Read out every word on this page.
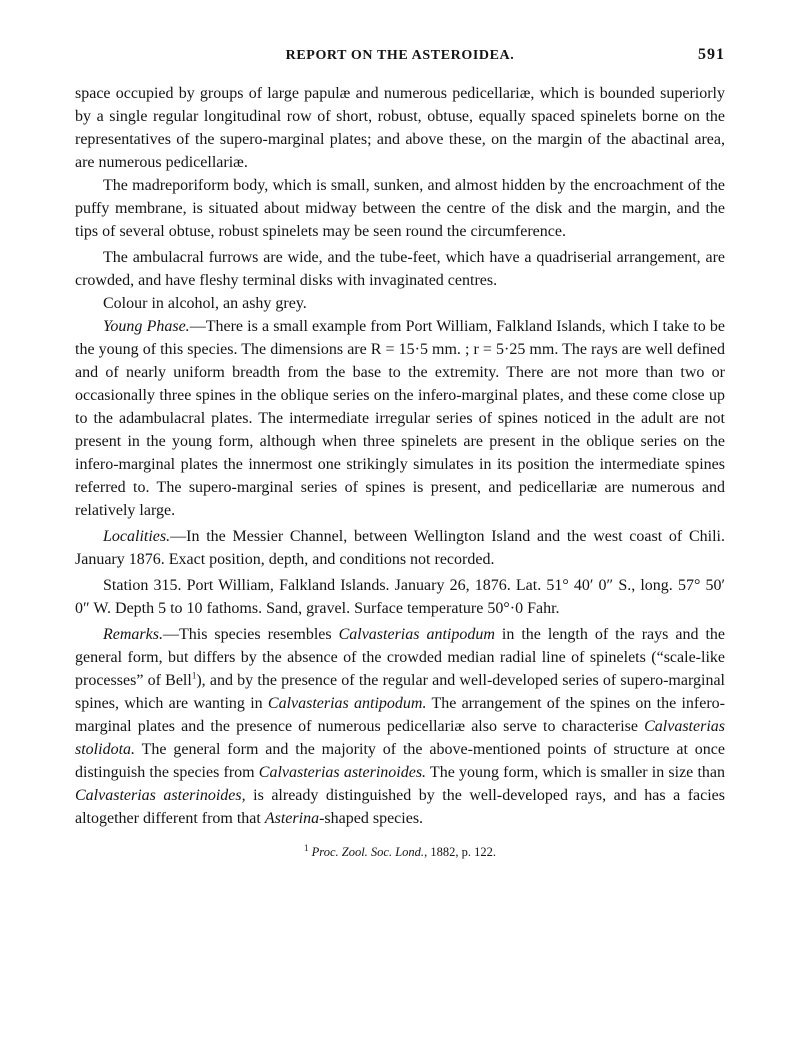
REPORT ON THE ASTEROIDEA.	591

space occupied by groups of large papulæ and numerous pedicellariæ, which is bounded superiorly by a single regular longitudinal row of short, robust, obtuse, equally spaced spinelets borne on the representatives of the supero-marginal plates; and above these, on the margin of the abactinal area, are numerous pedicellariæ.

The madreporiform body, which is small, sunken, and almost hidden by the encroachment of the puffy membrane, is situated about midway between the centre of the disk and the margin, and the tips of several obtuse, robust spinelets may be seen round the circumference.

The ambulacral furrows are wide, and the tube-feet, which have a quadriserial arrangement, are crowded, and have fleshy terminal disks with invaginated centres.

Colour in alcohol, an ashy grey.

Young Phase.—There is a small example from Port William, Falkland Islands, which I take to be the young of this species. The dimensions are R = 15·5 mm. ; r = 5·25 mm. The rays are well defined and of nearly uniform breadth from the base to the extremity. There are not more than two or occasionally three spines in the oblique series on the infero-marginal plates, and these come close up to the adambulacral plates. The intermediate irregular series of spines noticed in the adult are not present in the young form, although when three spinelets are present in the oblique series on the infero-marginal plates the innermost one strikingly simulates in its position the intermediate spines referred to. The supero-marginal series of spines is present, and pedicellariæ are numerous and relatively large.

Localities.—In the Messier Channel, between Wellington Island and the west coast of Chili. January 1876. Exact position, depth, and conditions not recorded.

Station 315. Port William, Falkland Islands. January 26, 1876. Lat. 51° 40′ 0″ S., long. 57° 50′ 0″ W. Depth 5 to 10 fathoms. Sand, gravel. Surface temperature 50°·0 Fahr.

Remarks.—This species resembles Calvasterias antipodum in the length of the rays and the general form, but differs by the absence of the crowded median radial line of spinelets (“scale-like processes” of Bell$^1$), and by the presence of the regular and well-developed series of supero-marginal spines, which are wanting in Calvasterias antipodum. The arrangement of the spines on the infero-marginal plates and the presence of numerous pedicellariæ also serve to characterise Calvasterias stolidota. The general form and the majority of the above-mentioned points of structure at once distinguish the species from Calvasterias asterinoides. The young form, which is smaller in size than Calvasterias asterinoides, is already distinguished by the well-developed rays, and has a facies altogether different from that Asterina-shaped species.

$^1$ Proc. Zool. Soc. Lond., 1882, p. 122.
